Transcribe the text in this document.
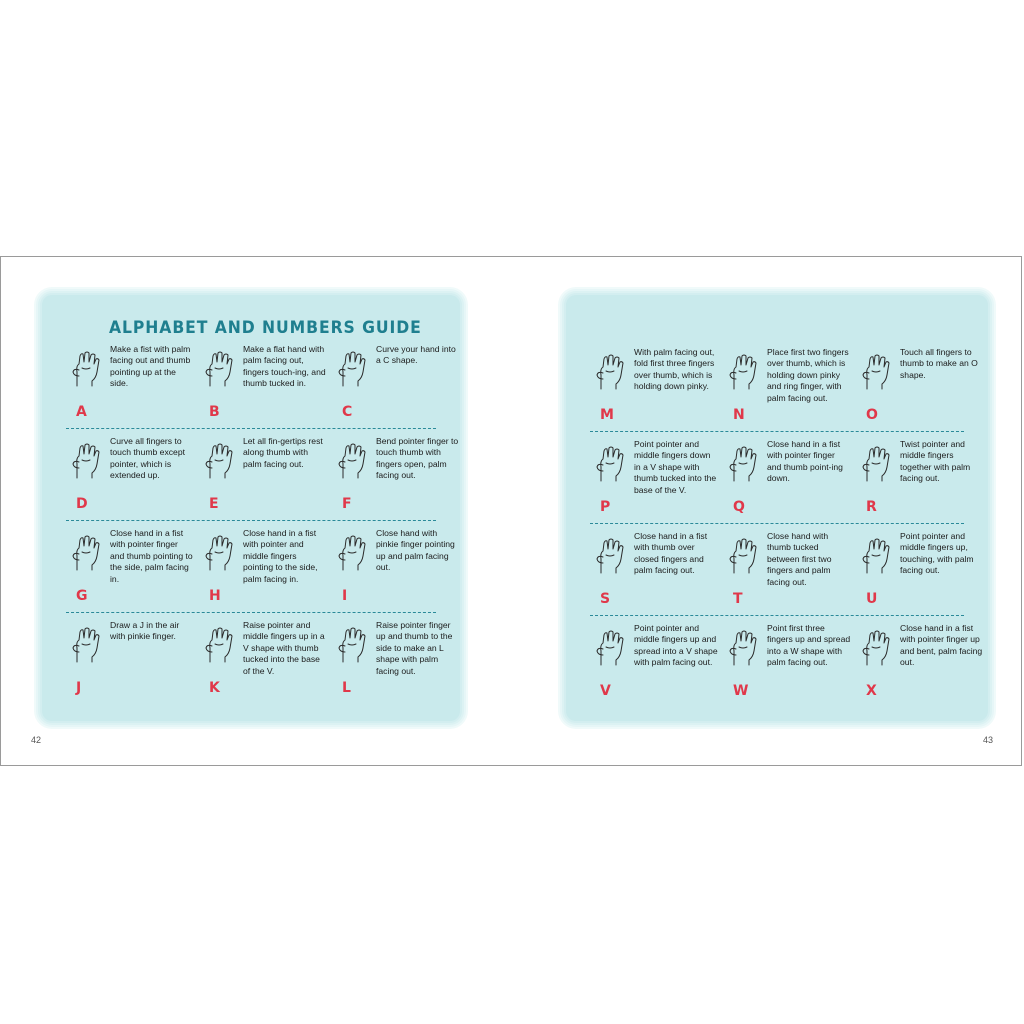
ALPHABET AND NUMBERS GUIDE

Make a fist with palm facing out and thumb pointing up at the side.

A

Make a flat hand with palm facing out, fingers touch-ing, and thumb tucked in.

B

Curve your hand into a C shape.

C

Curve all fingers to touch thumb except pointer, which is extended up.

D

Let all fin-gertips rest along thumb with palm facing out.

E

Bend pointer finger to touch thumb with fingers open, palm facing out.

F

Close hand in a fist with pointer finger and thumb pointing to the side, palm facing in.

G

Close hand in a fist with pointer and middle fingers pointing to the side, palm facing in.

H

Close hand with pinkie finger pointing up and palm facing out.

I

Draw a J in the air with pinkie finger.

J

Raise pointer and middle fingers up in a V shape with thumb tucked into the base of the V.

K

Raise pointer finger up and thumb to the side to make an L shape with palm facing out.

L

42

With palm facing out, fold first three fingers over thumb, which is holding down pinky.

M

Place first two fingers over thumb, which is holding down pinky and ring finger, with palm facing out.

N

Touch all fingers to thumb to make an O shape.

O

Point pointer and middle fingers down in a V shape with thumb tucked into the base of the V.

P

Close hand in a fist with pointer finger and thumb point-ing down.

Q

Twist pointer and middle fingers together with palm facing out.

R

Close hand in a fist with thumb over closed fingers and palm facing out.

S

Close hand with thumb tucked between first two fingers and palm facing out.

T

Point pointer and middle fingers up, touching, with palm facing out.

U

Point pointer and middle fingers up and spread into a V shape with palm facing out.

V

Point first three fingers up and spread into a W shape with palm facing out.

W

Close hand in a fist with pointer finger up and bent, palm facing out.

X

43
